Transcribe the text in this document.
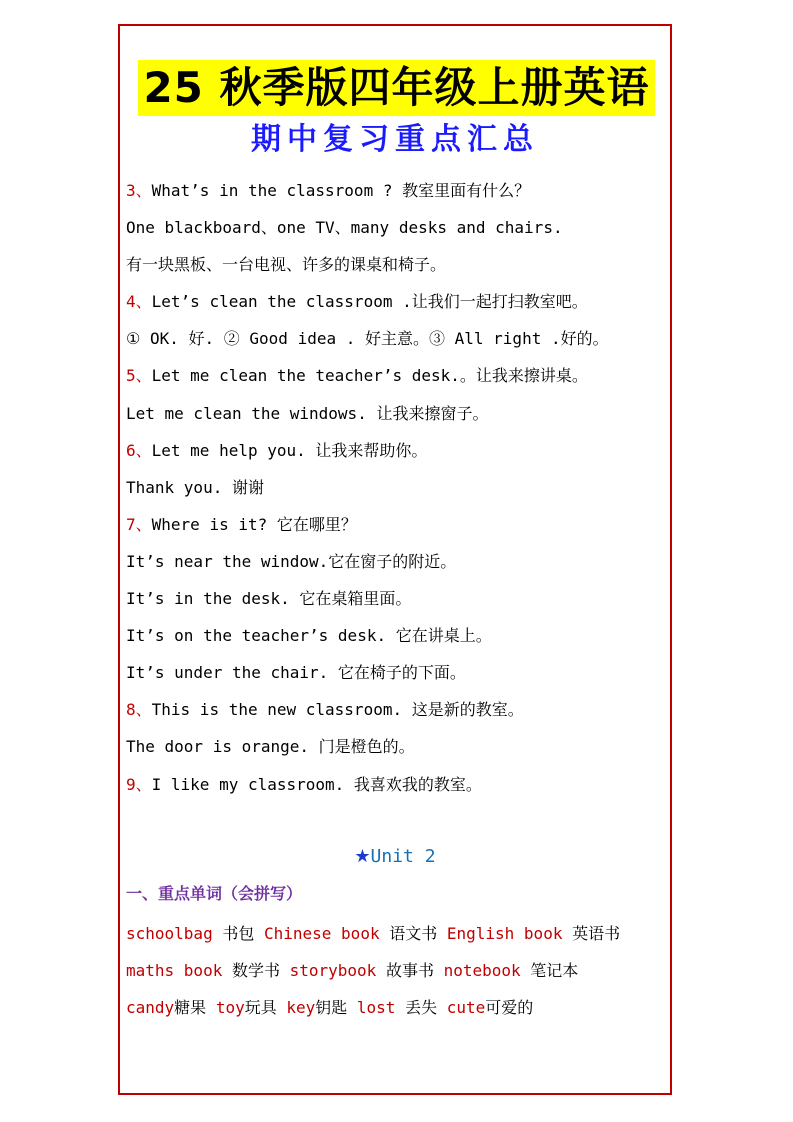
25 秋季版四年级上册英语
期中复习重点汇总
3、What’s in the classroom ? 教室里面有什么？
One blackboard、one TV、many desks and chairs.
有一块黑板、一台电视、许多的课桌和椅子。
4、Let’s clean the classroom .让我们一起打扫教室吧。
① OK. 好. ② Good idea . 好主意。③ All right .好的。
5、Let me clean the teacher’s desk.。让我来擦讲桌。
Let me clean the windows. 让我来擦窗子。
6、Let me help you. 让我来帮助你。
Thank you. 谢谢
7、Where is it? 它在哪里？
It’s near the window.它在窗子的附近。
It’s in the desk. 它在桌箱里面。
It’s on the teacher’s desk. 它在讲桌上。
It’s under the chair. 它在椅子的下面。
8、This is the new classroom. 这是新的教室。
The door is orange. 门是橙色的。
9、I like my classroom. 我喜欢我的教室。
★Unit 2
一、重点单词（会拼写）
schoolbag 书包 Chinese book 语文书 English book 英语书
maths book 数学书 storybook 故事书 notebook 笔记本
candy糖果 toy玩具 key钥匙 lost 丢失 cute可爱的
